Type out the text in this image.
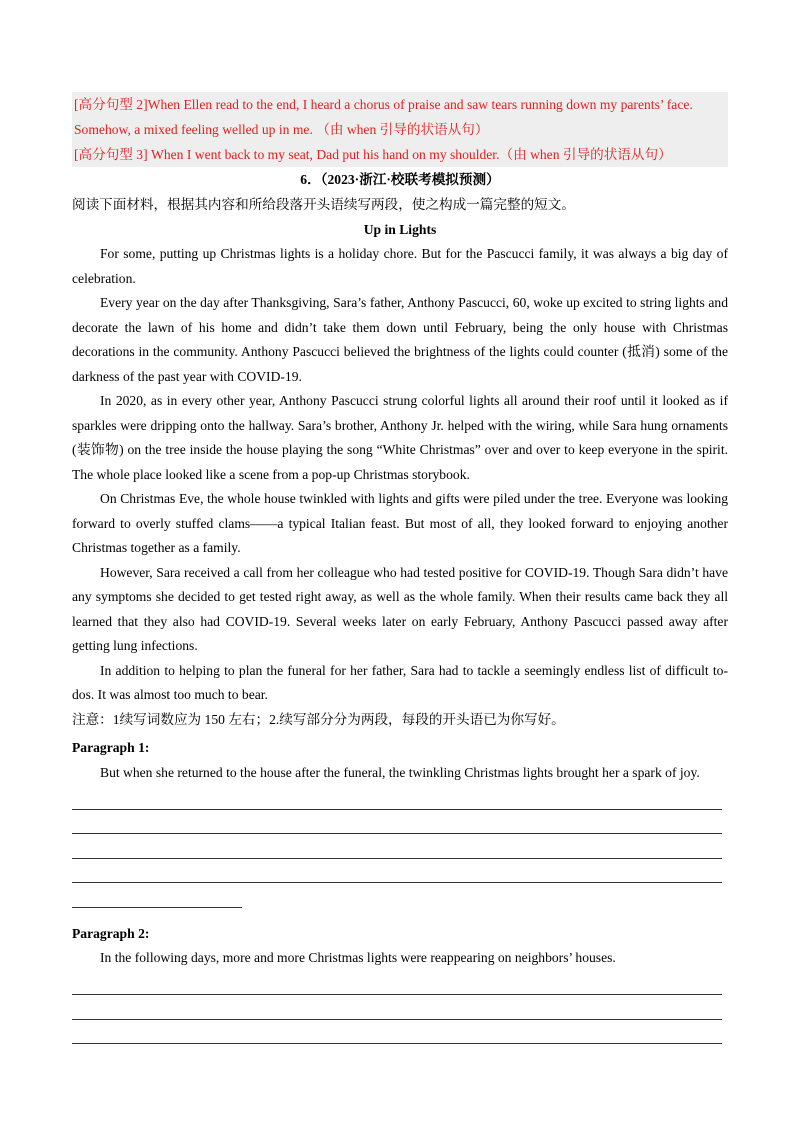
[高分句型 2]When Ellen read to the end, I heard a chorus of praise and saw tears running down my parents’ face.
Somehow, a mixed feeling welled up in me. （由 when 引导的状语从句）
[高分句型 3] When I went back to my seat, Dad put his hand on my shoulder.（由 when 引导的状语从句）
6．（2023·浙江·校联考模拟预测）
阅读下面材料，根据其内容和所给段落开头语续写两段，使之构成一篇完整的短文。
Up in Lights

For some, putting up Christmas lights is a holiday chore. But for the Pascucci family, it was always a big day of celebration.

Every year on the day after Thanksgiving, Sara’s father, Anthony Pascucci, 60, woke up excited to string lights and decorate the lawn of his home and didn’t take them down until February, being the only house with Christmas decorations in the community. Anthony Pascucci believed the brightness of the lights could counter (抵消) some of the darkness of the past year with COVID-19.

In 2020, as in every other year, Anthony Pascucci strung colorful lights all around their roof until it looked as if sparkles were dripping onto the hallway. Sara’s brother, Anthony Jr. helped with the wiring, while Sara hung ornaments (装饰物) on the tree inside the house playing the song “White Christmas” over and over to keep everyone in the spirit. The whole place looked like a scene from a pop-up Christmas storybook.

On Christmas Eve, the whole house twinkled with lights and gifts were piled under the tree. Everyone was looking forward to overly stuffed clams——a typical Italian feast. But most of all, they looked forward to enjoying another Christmas together as a family.

However, Sara received a call from her colleague who had tested positive for COVID-19. Though Sara didn’t have any symptoms she decided to get tested right away, as well as the whole family. When their results came back they all learned that they also had COVID-19. Several weeks later on early February, Anthony Pascucci passed away after getting lung infections.

In addition to helping to plan the funeral for her father, Sara had to tackle a seemingly endless list of difficult to-dos. It was almost too much to bear.

注意：1续写词数应为 150 左右；2.续写部分分为两段，每段的开头语已为你写好。
Paragraph 1:
But when she returned to the house after the funeral, the twinkling Christmas lights brought her a spark of joy.
Paragraph 2:
In the following days, more and more Christmas lights were reappearing on neighbors’ houses.
